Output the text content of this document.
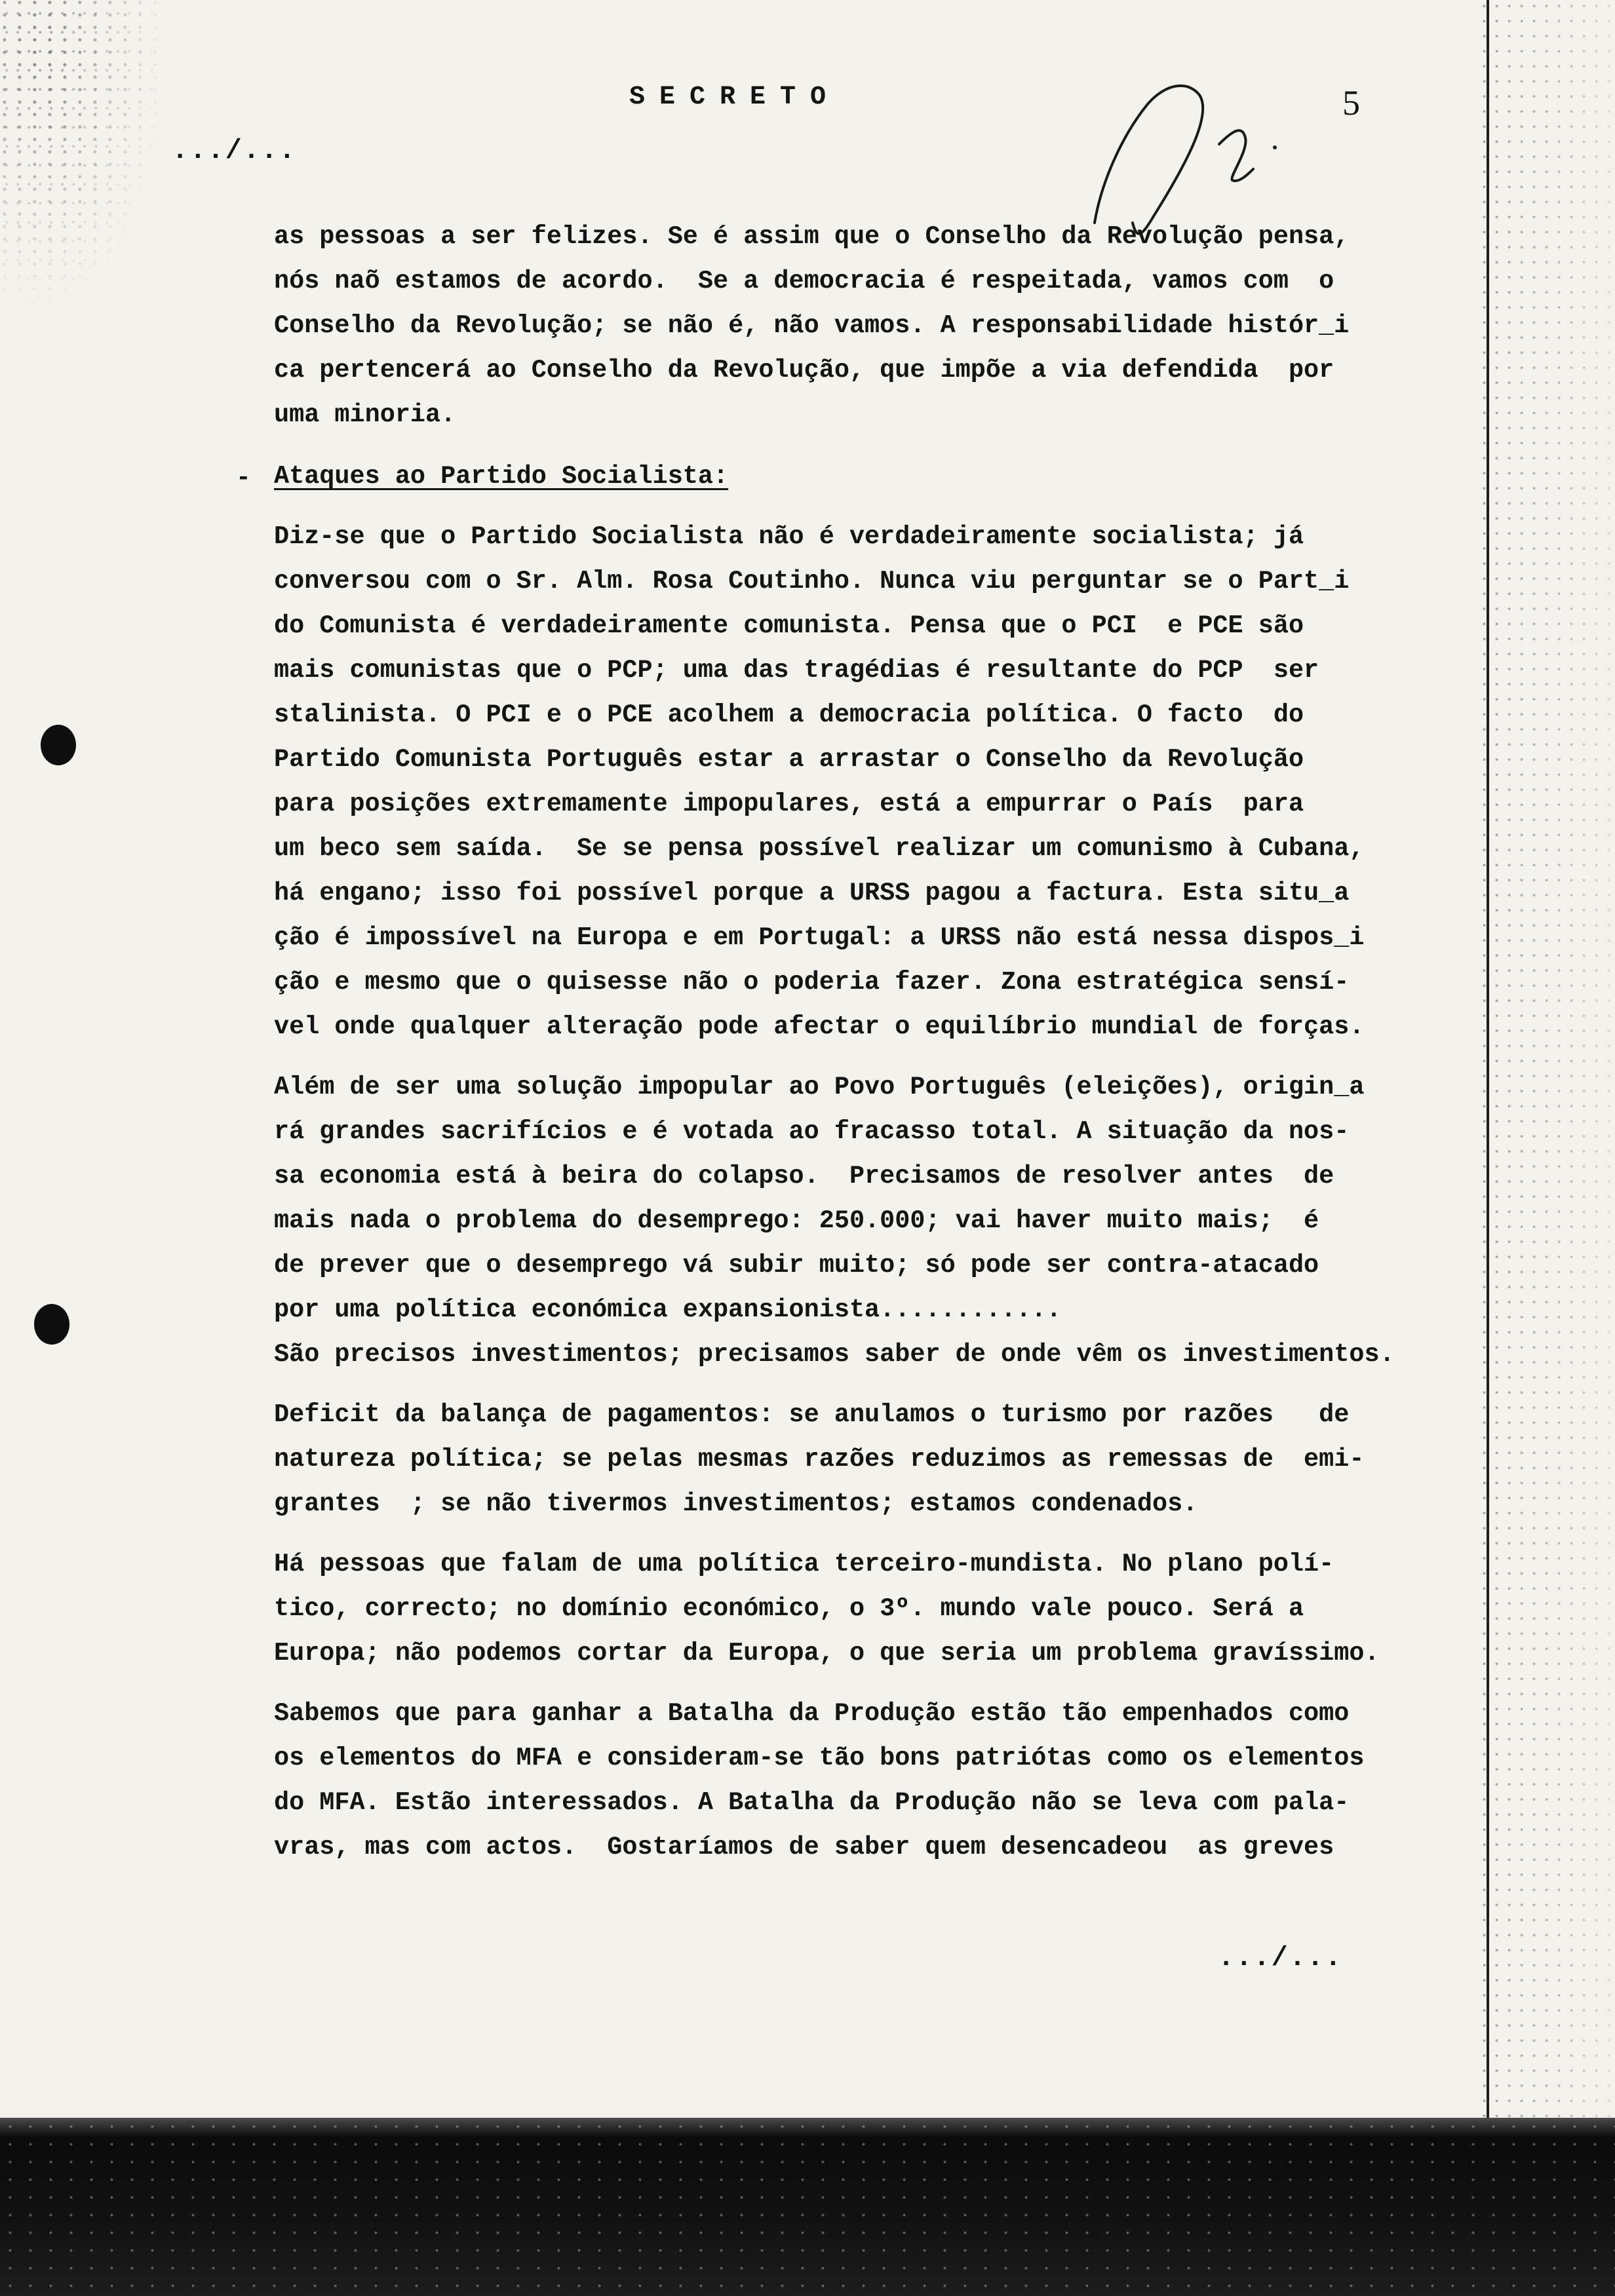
SECRETO	5
.../...
-
as pessoas a ser felizes. Se é assim que o Conselho da Revolução pensa,
nós naõ estamos de acordo.  Se a democracia é respeitada, vamos com  o
Conselho da Revolução; se não é, não vamos. A responsabilidade histór_i
ca pertencerá ao Conselho da Revolução, que impõe a via defendida  por
uma minoria.
Ataques ao Partido Socialista:
Diz-se que o Partido Socialista não é verdadeiramente socialista; já
conversou com o Sr. Alm. Rosa Coutinho. Nunca viu perguntar se o Part_i
do Comunista é verdadeiramente comunista. Pensa que o PCI  e PCE são
mais comunistas que o PCP; uma das tragédias é resultante do PCP  ser
stalinista. O PCI e o PCE acolhem a democracia política. O facto  do
Partido Comunista Português estar a arrastar o Conselho da Revolução
para posições extremamente impopulares, está a empurrar o País  para
um beco sem saída.  Se se pensa possível realizar um comunismo à Cubana,
há engano; isso foi possível porque a URSS pagou a factura. Esta situ_a
ção é impossível na Europa e em Portugal: a URSS não está nessa dispos_i
ção e mesmo que o quisesse não o poderia fazer. Zona estratégica sensí-
vel onde qualquer alteração pode afectar o equilíbrio mundial de forças.
Além de ser uma solução impopular ao Povo Português (eleições), origin_a
rá grandes sacrifícios e é votada ao fracasso total. A situação da nos-
sa economia está à beira do colapso.  Precisamos de resolver antes  de
mais nada o problema do desemprego: 250.000; vai haver muito mais;  é
de prever que o desemprego vá subir muito; só pode ser contra-atacado
por uma política económica expansionista............
São precisos investimentos; precisamos saber de onde vêm os investimentos.
Deficit da balança de pagamentos: se anulamos o turismo por razões   de
natureza política; se pelas mesmas razões reduzimos as remessas de  emi-
grantes  ; se não tivermos investimentos; estamos condenados.
Há pessoas que falam de uma política terceiro-mundista. No plano polí-
tico, correcto; no domínio económico, o 3º. mundo vale pouco. Será a
Europa; não podemos cortar da Europa, o que seria um problema gravíssimo.
Sabemos que para ganhar a Batalha da Produção estão tão empenhados como
os elementos do MFA e consideram-se tão bons patriótas como os elementos
do MFA. Estão interessados. A Batalha da Produção não se leva com pala-
vras, mas com actos.  Gostaríamos de saber quem desencadeou  as greves
.../...
